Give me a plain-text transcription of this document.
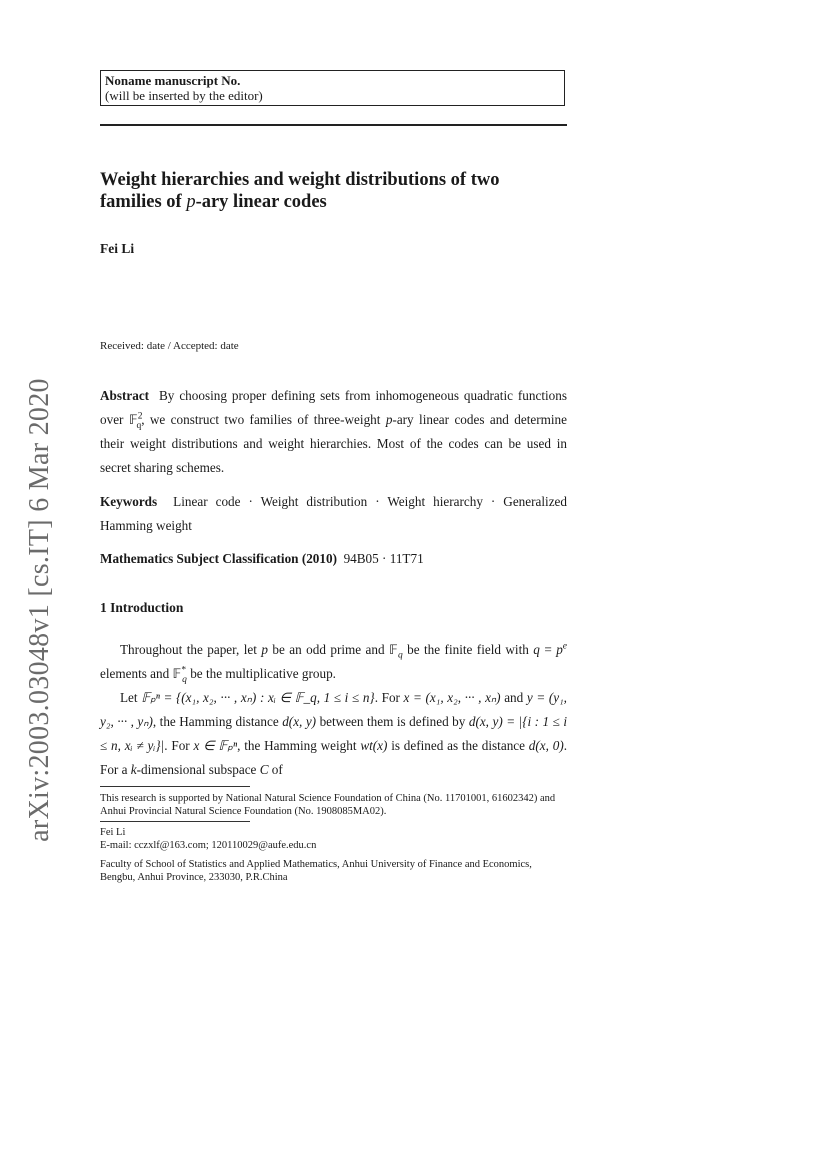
arXiv:2003.03048v1 [cs.IT] 6 Mar 2020
Noname manuscript No.
(will be inserted by the editor)
Weight hierarchies and weight distributions of two
families of p-ary linear codes
Fei Li
Received: date / Accepted: date
Abstract By choosing proper defining sets from inhomogeneous quadratic functions over 𝔽$^2_q$, we construct two families of three-weight p-ary linear codes and determine their weight distributions and weight hierarchies. Most of the codes can be used in secret sharing schemes.
Keywords Linear code · Weight distribution · Weight hierarchy · Generalized Hamming weight
Mathematics Subject Classification (2010) 94B05 · 11T71
1 Introduction
Throughout the paper, let p be an odd prime and 𝔽$_q$ be the finite field with $q = p^e$ elements and 𝔽*$_q$ be the multiplicative group.
Let 𝔽ₚⁿ = {(x₁, x₂, ··· , xₙ) : xᵢ ∈ 𝔽_q, 1 ≤ i ≤ n}. For x = (x₁, x₂, ··· , xₙ) and y = (y₁, y₂, ··· , yₙ), the Hamming distance d(x, y) between them is defined by d(x, y) = |{i : 1 ≤ i ≤ n, xᵢ ≠ yᵢ}|. For x ∈ 𝔽ₚⁿ, the Hamming weight wt(x) is defined as the distance d(x, 0). For a k-dimensional subspace C of
This research is supported by National Natural Science Foundation of China (No. 11701001, 61602342) and Anhui Provincial Natural Science Foundation (No. 1908085MA02).
Fei Li
E-mail: cczxlf@163.com; 120110029@aufe.edu.cn
Faculty of School of Statistics and Applied Mathematics, Anhui University of Finance and Economics, Bengbu, Anhui Province, 233030, P.R.China
